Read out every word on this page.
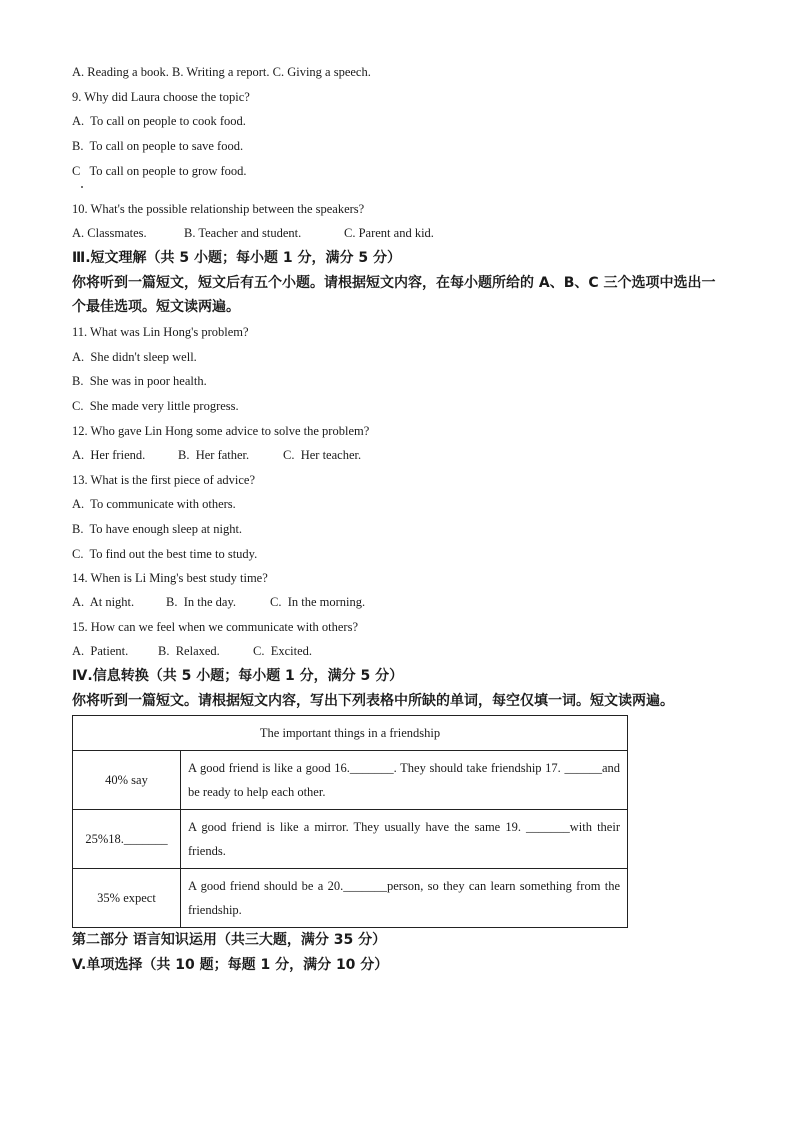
A. Reading a book. B. Writing a report. C. Giving a speech.
9. Why did Laura choose the topic?
A.  To call on people to cook food.
B.  To call on people to save food.
C   To call on people to grow food.
10. What's the possible relationship between the speakers?
A. Classmates.	B. Teacher and student.	C. Parent and kid.
Ⅲ.短文理解（共 5 小题；每小题 1 分，满分 5 分）
你将听到一篇短文，短文后有五个小题。请根据短文内容，在每小题所给的 A、B、C 三个选项中选出一个最佳选项。短文读两遍。
11. What was Lin Hong's problem?
A.  She didn't sleep well.
B.  She was in poor health.
C.  She made very little progress.
12. Who gave Lin Hong some advice to solve the problem?
A.  Her friend.	B.  Her father.	C.  Her teacher.
13. What is the first piece of advice?
A.  To communicate with others.
B.  To have enough sleep at night.
C.  To find out the best time to study.
14. When is Li Ming's best study time?
A.  At night.	B.  In the day.	C.  In the morning.
15. How can we feel when we communicate with others?
A.  Patient.	B.  Relaxed.	C.  Excited.
Ⅳ.信息转换（共 5 小题；每小题 1 分，满分 5 分）
你将听到一篇短文。请根据短文内容，写出下列表格中所缺的单词，每空仅填一词。短文读两遍。
The important things in a friendship	
40% say	A good friend is like a good 16._______. They should take friendship 17. ______and be ready to help each other.
25%18._______	A good friend is like a mirror. They usually have the same 19. _______with their friends.
35% expect	A good friend should be a 20._______person, so they can learn something from the friendship.
第二部分 语言知识运用（共三大题，满分 35 分）
V.单项选择（共 10 题；每题 1 分，满分 10 分）
